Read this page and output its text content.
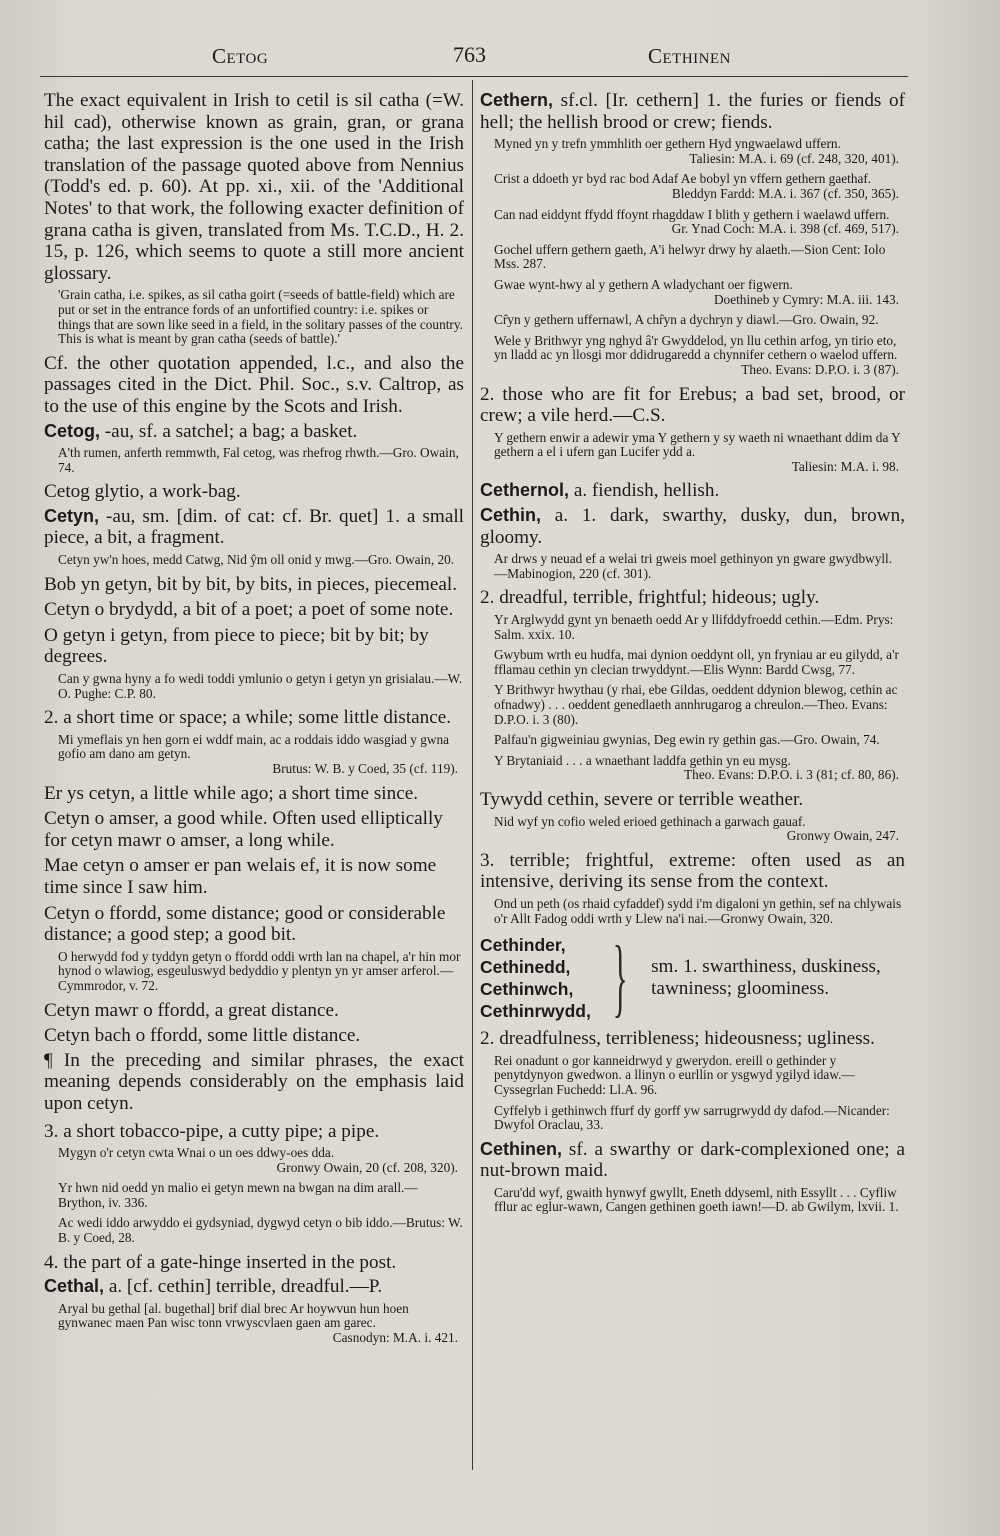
Cetog	763	Cethinen
The exact equivalent in Irish to cetil is sil catha (=W. hil cad), otherwise known as grain, gran, or grana catha; the last expression is the one used in the Irish translation of the passage quoted above from Nennius (Todd's ed. p. 60). At pp. xi., xii. of the 'Additional Notes' to that work, the following exacter definition of grana catha is given, translated from Ms. T.C.D., H. 2. 15, p. 126, which seems to quote a still more ancient glossary.
'Grain catha, i.e. spikes, as sil catha goirt (=seeds of battle-field) which are put or set in the entrance fords of an unfortified country: i.e. spikes or things that are sown like seed in a field, in the solitary passes of the country. This is what is meant by gran catha (seeds of battle).'
Cf. the other quotation appended, l.c., and also the passages cited in the Dict. Phil. Soc., s.v. Caltrop, as to the use of this engine by the Scots and Irish.
Cetog, -au, sf. a satchel; a bag; a basket.
A'th rumen, anferth remmwth, Fal cetog, was rhefrog rhwth.—Gro. Owain, 74.
Cetog glytio, a work-bag.
Cetyn, -au, sm. [dim. of cat: cf. Br. quet] 1. a small piece, a bit, a fragment.
Cetyn yw'n hoes, medd Catwg, Nid ŷm oll onid y mwg.—Gro. Owain, 20.
Bob yn getyn, bit by bit, by bits, in pieces, piecemeal.
Cetyn o brydydd, a bit of a poet; a poet of some note.
O getyn i getyn, from piece to piece; bit by bit; by degrees.
Can y gwna hyny a fo wedi toddi ymlunio o getyn i getyn yn grisialau.—W. O. Pughe: C.P. 80.
2. a short time or space; a while; some little distance.
Mi ymeflais yn hen gorn ei wddf main, ac a roddais iddo wasgiad y gwna gofio am dano am getyn.
Brutus: W. B. y Coed, 35 (cf. 119).
Er ys cetyn, a little while ago; a short time since.
Cetyn o amser, a good while. Often used elliptically for cetyn mawr o amser, a long while.
Mae cetyn o amser er pan welais ef, it is now some time since I saw him.
Cetyn o ffordd, some distance; good or considerable distance; a good step; a good bit.
O herwydd fod y tyddyn getyn o ffordd oddi wrth lan na chapel, a'r hin mor hynod o wlawiog, esgeuluswyd bedyddio y plentyn yn yr amser arferol.—Cymmrodor, v. 72.
Cetyn mawr o ffordd, a great distance.
Cetyn bach o ffordd, some little distance.
¶ In the preceding and similar phrases, the exact meaning depends considerably on the emphasis laid upon cetyn.
3. a short tobacco-pipe, a cutty pipe; a pipe.
Mygyn o'r cetyn cwta Wnai o un oes ddwy-oes dda.
Gronwy Owain, 20 (cf. 208, 320).
Yr hwn nid oedd yn malio ei getyn mewn na bwgan na dim arall.—Brython, iv. 336.
Ac wedi iddo arwyddo ei gydsyniad, dygwyd cetyn o bib iddo.—Brutus: W. B. y Coed, 28.
4. the part of a gate-hinge inserted in the post.
Cethal, a. [cf. cethin] terrible, dreadful.—P.
Aryal bu gethal [al. bugethal] brif dial brec Ar hoywvun hun hoen gynwanec maen Pan wisc tonn vrwyscvlaen gaen am garec.
Casnodyn: M.A. i. 421.
Cethern, sf.cl. [Ir. cethern] 1. the furies or fiends of hell; the hellish brood or crew; fiends.
Myned yn y trefn ymmhlith oer gethern Hyd yngwaelawd uffern.
Taliesin: M.A. i. 69 (cf. 248, 320, 401).
Crist a ddoeth yr byd rac bod Adaf Ae bobyl yn vffern gethern gaethaf.
Bleddyn Fardd: M.A. i. 367 (cf. 350, 365).
Can nad eiddynt ffydd ffoynt rhagddaw I blith y gethern i waelawd uffern.
Gr. Ynad Coch: M.A. i. 398 (cf. 469, 517).
Gochel uffern gethern gaeth, A'i helwyr drwy hy alaeth.—Sion Cent: Iolo Mss. 287.
Gwae wynt-hwy al y gethern A wladychant oer figwern.
Doethineb y Cymry: M.A. iii. 143.
Cr̂yn y gethern uffernawl, A chr̂yn a dychryn y diawl.—Gro. Owain, 92.
Wele y Brithwyr yng nghyd â'r Gwyddelod, yn llu cethin arfog, yn tirio eto, yn lladd ac yn llosgi mor ddidrugaredd a chynnifer cethern o waelod uffern.
Theo. Evans: D.P.O. i. 3 (87).
2. those who are fit for Erebus; a bad set, brood, or crew; a vile herd.—C.S.
Y gethern enwir a adewir yma Y gethern y sy waeth ni wnaethant ddim da Y gethern a el i ufern gan Lucifer ydd a.
Taliesin: M.A. i. 98.
Cethernol, a. fiendish, hellish.
Cethin, a. 1. dark, swarthy, dusky, dun, brown, gloomy.
Ar drws y neuad ef a welai tri gweis moel gethinyon yn gware gwydbwyll.—Mabinogion, 220 (cf. 301).
2. dreadful, terrible, frightful; hideous; ugly.
Yr Arglwydd gynt yn benaeth oedd Ar y llifddyfroedd cethin.—Edm. Prys: Salm. xxix. 10.
Gwybum wrth eu hudfa, mai dynion oeddynt oll, yn fryniau ar eu gilydd, a'r fflamau cethin yn clecian trwyddynt.—Elis Wynn: Bardd Cwsg, 77.
Y Brithwyr hwythau (y rhai, ebe Gildas, oeddent ddynion blewog, cethin ac ofnadwy) . . . oeddent genedlaeth annhrugarog a chreulon.—Theo. Evans: D.P.O. i. 3 (80).
Palfau'n gigweiniau gwynias, Deg ewin ry gethin gas.—Gro. Owain, 74.
Y Brytaniaid . . . a wnaethant laddfa gethin yn eu mysg.
Theo. Evans: D.P.O. i. 3 (81; cf. 80, 86).
Tywydd cethin, severe or terrible weather.
Nid wyf yn cofio weled erioed gethinach a garwach gauaf.
Gronwy Owain, 247.
3. terrible; frightful, extreme: often used as an intensive, deriving its sense from the context.
Ond un peth (os rhaid cyfaddef) sydd i'm digaloni yn gethin, sef na chlywais o'r Allt Fadog oddi wrth y Llew na'i nai.—Gronwy Owain, 320.
Cethinder,
Cethinedd,
Cethinwch,
Cethinrwydd, } sm. 1. swarthiness, duskiness, tawniness; gloominess.
2. dreadfulness, terribleness; hideousness; ugliness.
Rei onadunt o gor kanneidrwyd y gwerydon. ereill o gethinder y penytdynyon gwedwon. a llinyn o eurllin or ysgwyd ygilyd idaw.—Cyssegrlan Fuchedd: Ll.A. 96.
Cyffelyb i gethinwch ffurf dy gorff yw sarrugrwydd dy dafod.—Nicander: Dwyfol Oraclau, 33.
Cethinen, sf. a swarthy or dark-complexioned one; a nut-brown maid.
Caru'dd wyf, gwaith hynwyf gwyllt, Eneth ddyseml, nith Essyllt . . . Cyfliw fflur ac eglur-wawn, Cangen gethinen goeth iawn!—D. ab Gwilym, lxvii. 1.
